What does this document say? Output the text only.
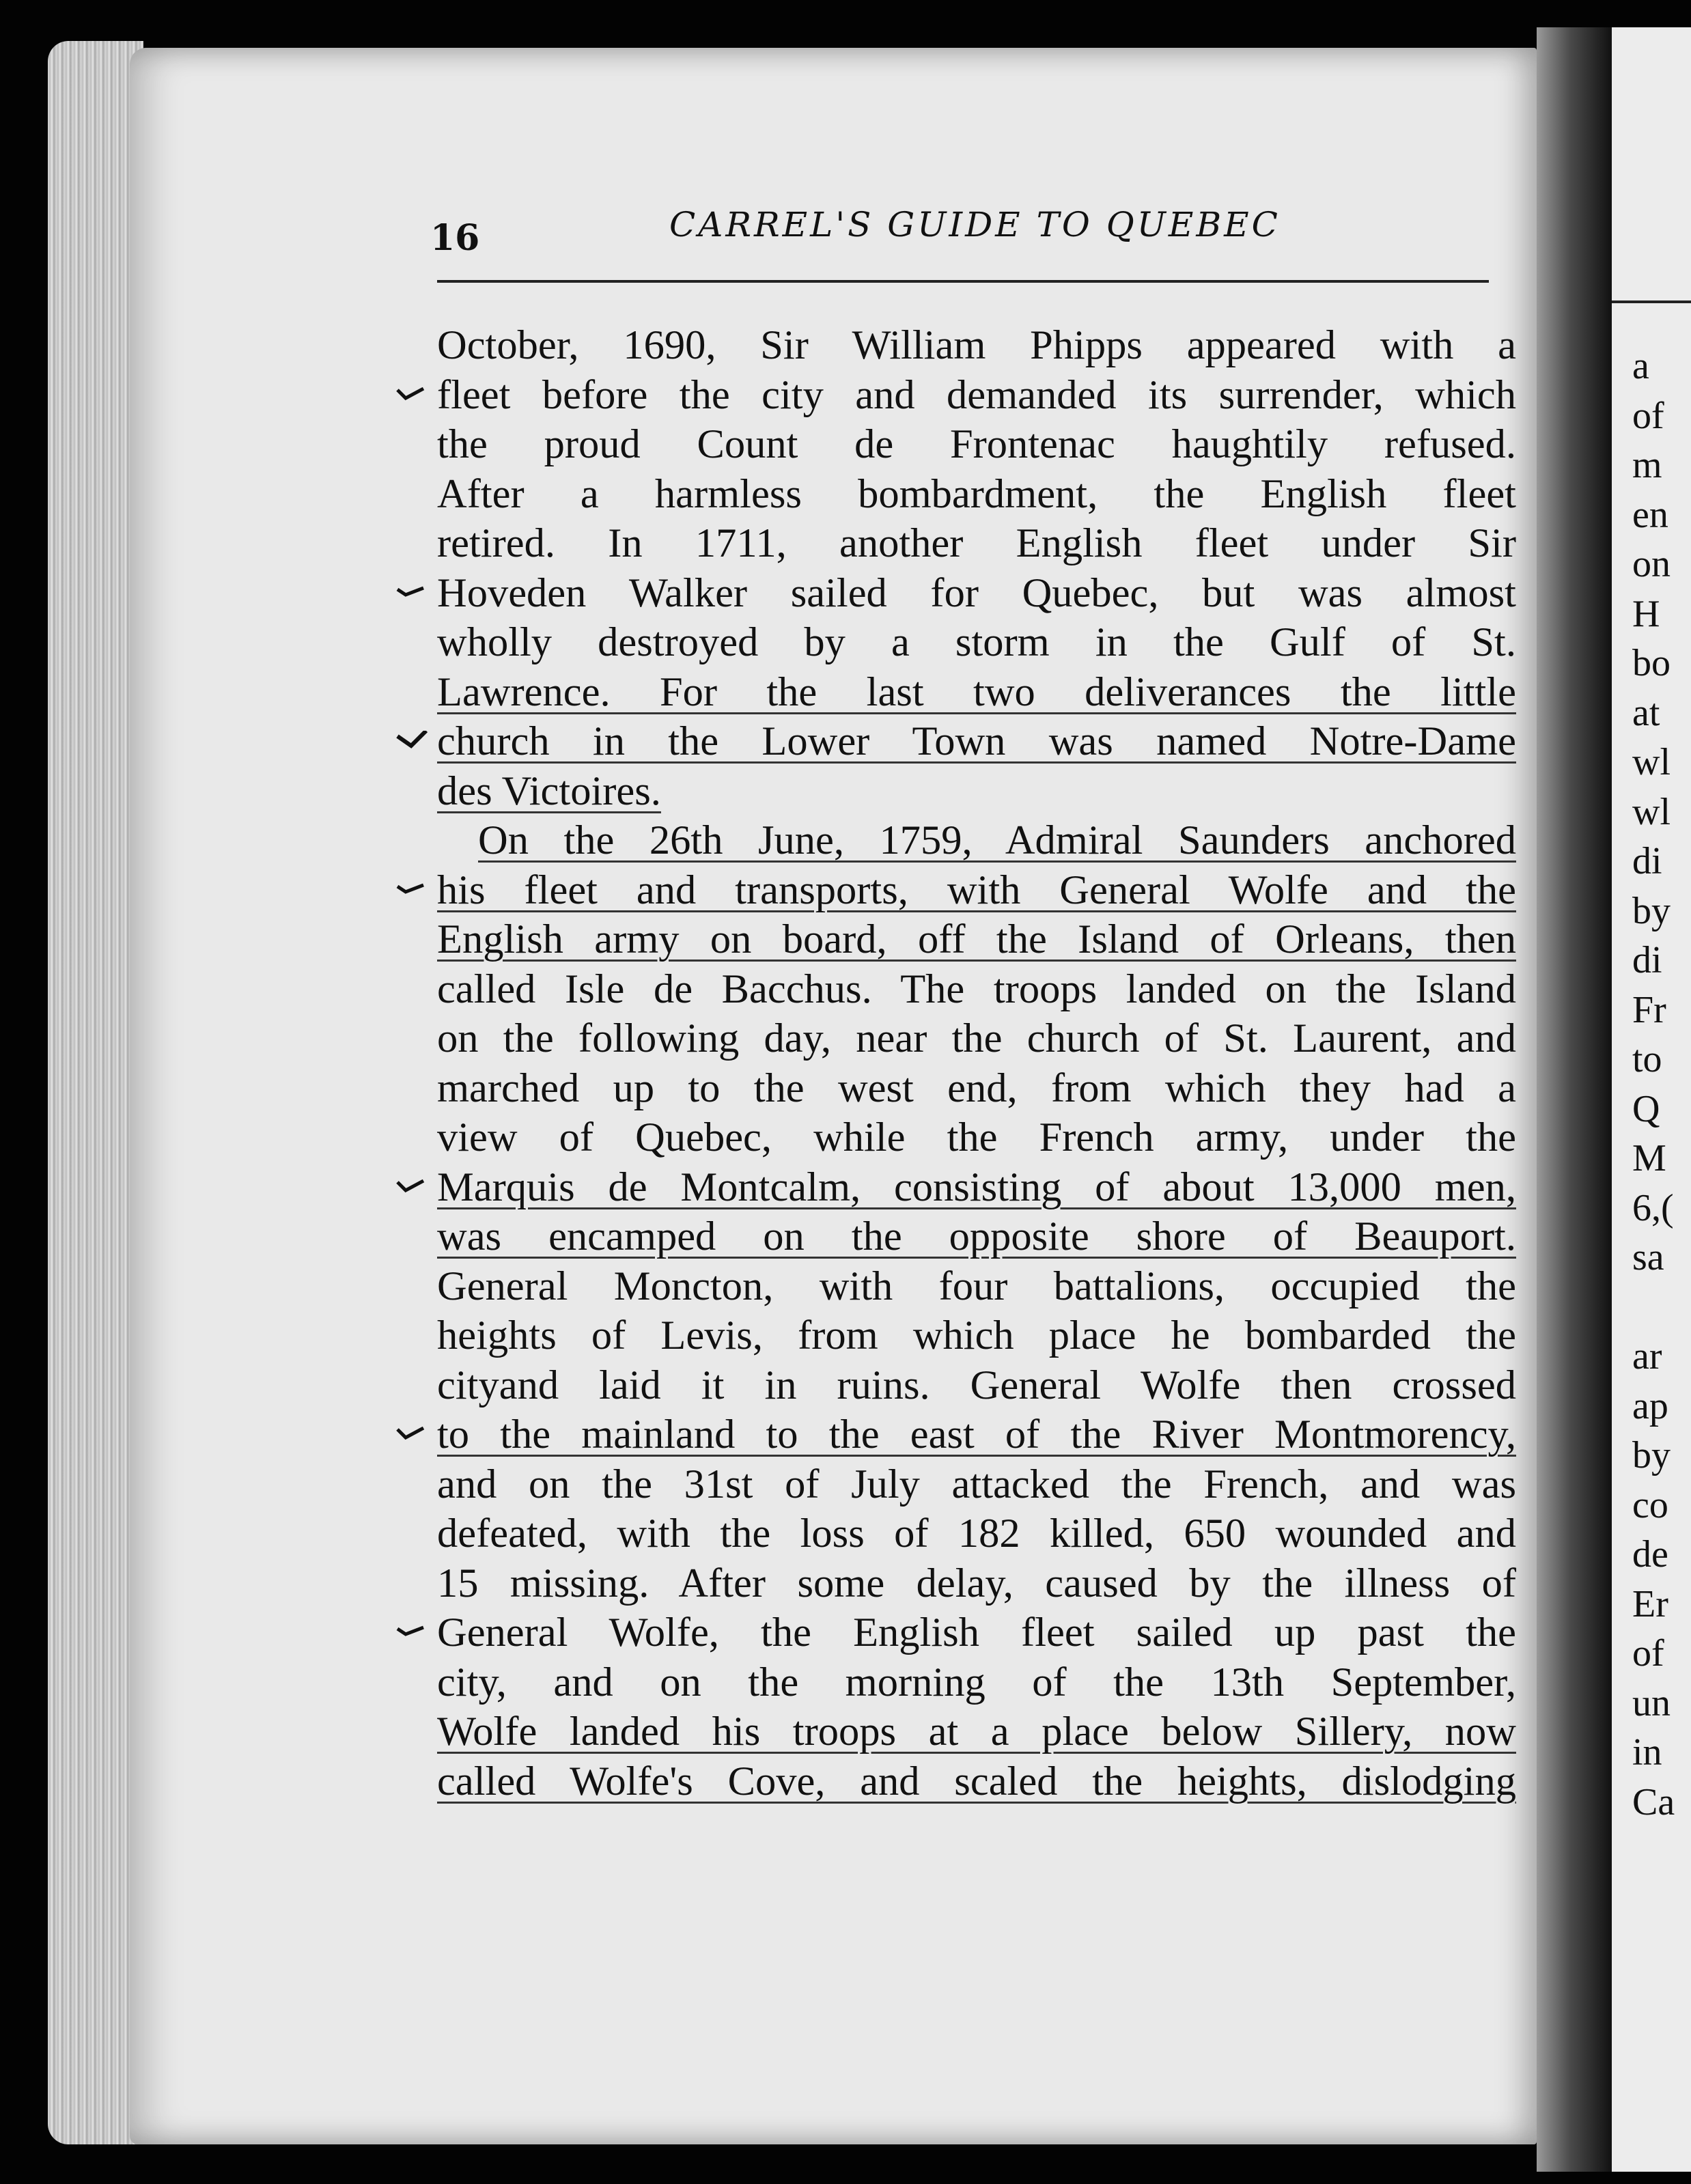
a
of
m
en
on
H
bo
at
wl
wl
di
by
di
Fr
to
Q
M
6,(
sa
ar
ap
by
co
de
Er
of
un
in
Ca
16	CARREL'S GUIDE TO QUEBEC
October, 1690, Sir William Phipps appeared with a
fleet before the city and demanded its surrender, which
the proud Count de Frontenac haughtily refused.
After a harmless bombardment, the English fleet
retired. In 1711, another English fleet under Sir
Hoveden Walker sailed for Quebec, but was almost
wholly destroyed by a storm in the Gulf of St.
Lawrence. For the last two deliverances the little
church in the Lower Town was named Notre-Dame
des Victoires.
On the 26th June, 1759, Admiral Saunders anchored
his fleet and transports, with General Wolfe and the
English army on board, off the Island of Orleans, then
called Isle de Bacchus. The troops landed on the Island
on the following day, near the church of St. Laurent, and
marched up to the west end, from which they had a
view of Quebec, while the French army, under the
Marquis de Montcalm, consisting of about 13,000 men,
was encamped on the opposite shore of Beauport.
General Moncton, with four battalions, occupied the
heights of Levis, from which place he bombarded the
cityand laid it in ruins. General Wolfe then crossed
to the mainland to the east of the River Montmorency,
and on the 31st of July attacked the French, and was
defeated, with the loss of 182 killed, 650 wounded and
15 missing. After some delay, caused by the illness of
General Wolfe, the English fleet sailed up past the
city, and on the morning of the 13th September,
Wolfe landed his troops at a place below Sillery, now
called Wolfe's Cove, and scaled the heights, dislodging
